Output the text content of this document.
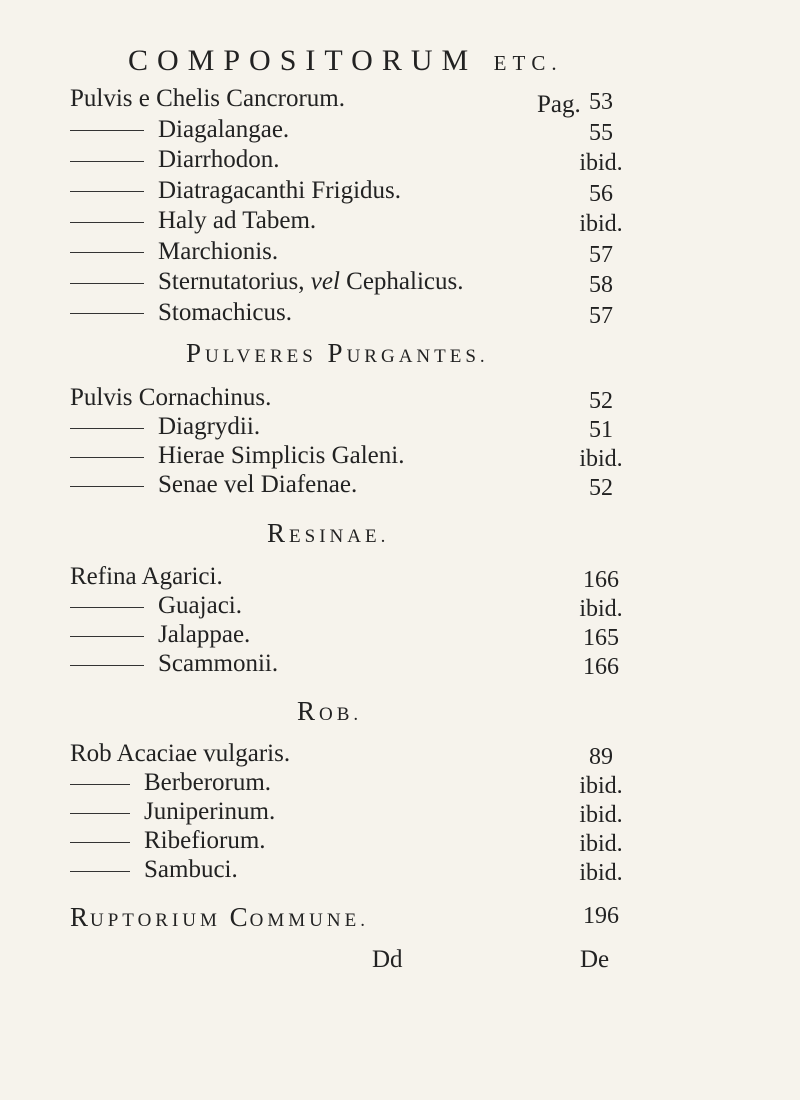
COMPOSITORUM ETC.
Pag.
Pulvis e Chelis Cancrorum.	53
Diagalangae.	55
Diarrhodon.	ibid.
Diatragacanthi Frigidus.	56
Haly ad Tabem.	ibid.
Marchionis.	57
Sternutatorius, vel Cephalicus.	58
Stomachicus.	57
PULVERES PURGANTES.
Pulvis Cornachinus.	52
Diagrydii.	51
Hierae Simplicis Galeni.	ibid.
Senae vel Diafenae.	52
RESINAE.
Refina Agarici.	166
Guajaci.	ibid.
Jalappae.	165
Scammonii.	166
ROB.
Rob Acaciae vulgaris.	89
Berberorum.	ibid.
Juniperinum.	ibid.
Ribefiorum.	ibid.
Sambuci.	ibid.
RUPTORIUM COMMUNE.	196
Dd	De
